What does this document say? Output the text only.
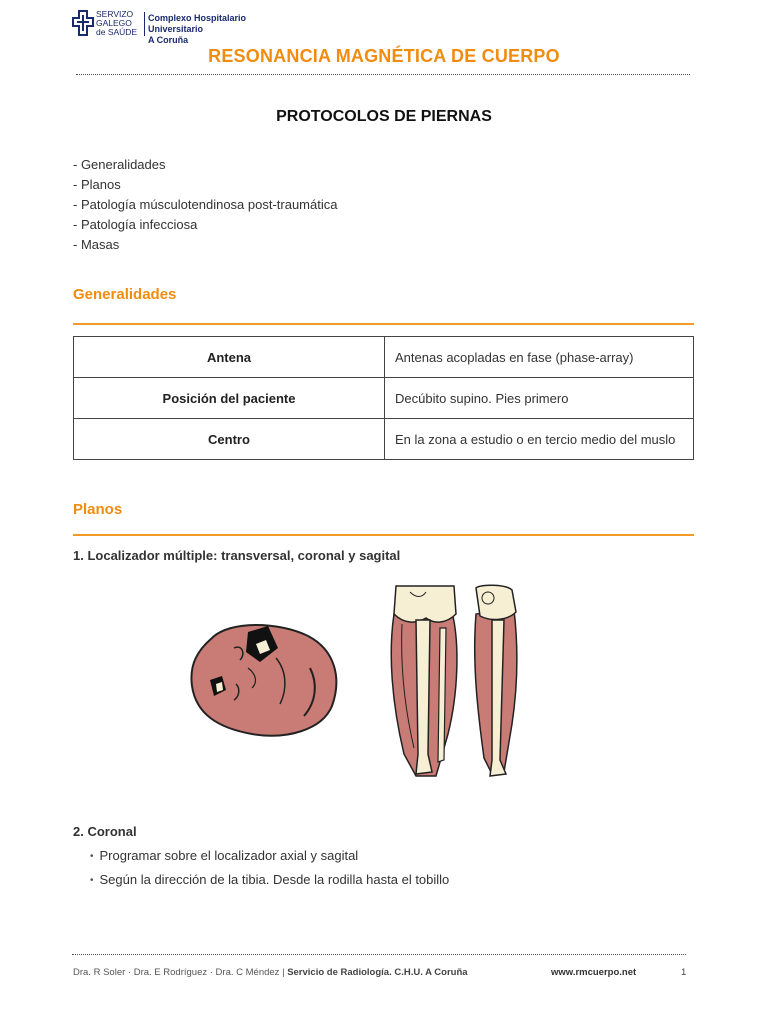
SERVIZO
GALEGO
de SAÚDE
Complexo Hospitalario Universitario
A Coruña
RESONANCIA MAGNÉTICA DE CUERPO
PROTOCOLOS DE PIERNAS
- Generalidades
- Planos
- Patología músculotendinosa post-traumática
- Patología infecciosa
- Masas
Generalidades
Antena	Antenas acopladas en fase (phase-array)
Posición del paciente	Decúbito supino. Pies primero
Centro	En la zona a estudio o en tercio medio del muslo
Planos
1. Localizador múltiple: transversal, coronal y sagital
2. Coronal
• Programar sobre el localizador axial y sagital
• Según la dirección de la tibia. Desde la rodilla hasta el tobillo
Dra. R Soler · Dra. E Rodríguez · Dra. C Méndez | Servicio de Radiología. C.H.U. A Coruña	www.rmcuerpo.net	1
